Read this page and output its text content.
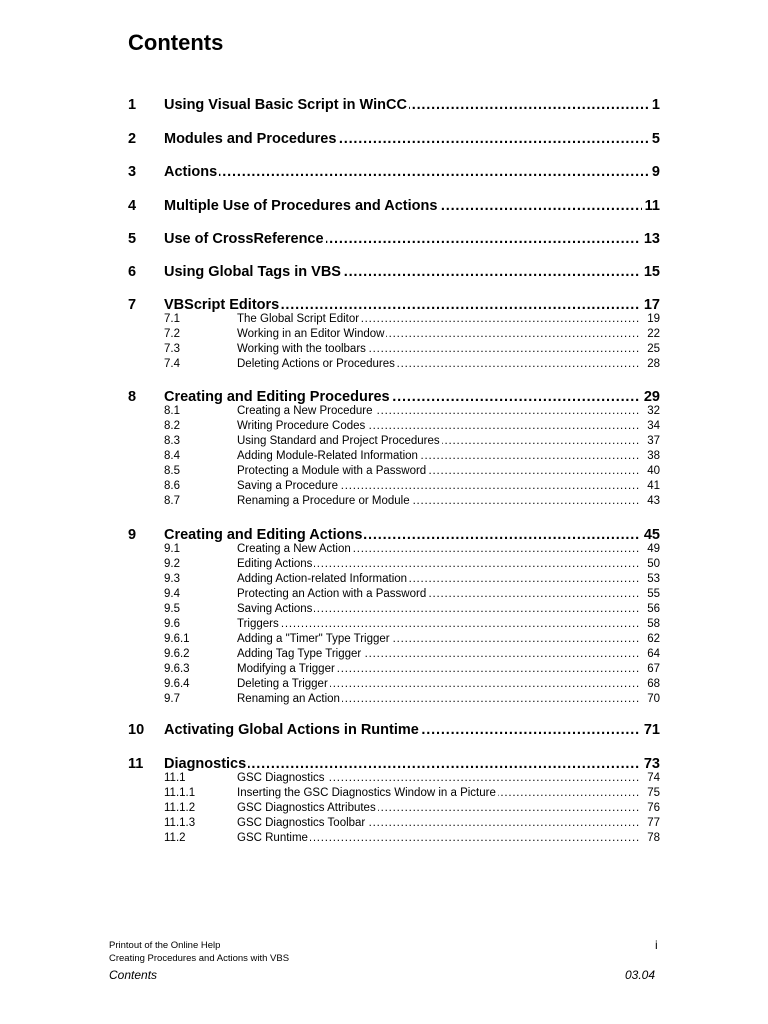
Contents
. . .
1 Using Visual Basic Script in WinCC	1
. . .
2 Modules and Procedures	5
. . .
3 Actions	9
. . .
4 Multiple Use of Procedures and Actions	11
. . .
5 Use of CrossReference	13
. . .
6 Using Global Tags in VBS	15
. . .
7 VBScript Editors	17
. . .
7.1	The Global Script Editor	19
. . .
7.2	Working in an Editor Window	22
. . .
7.3	Working with the toolbars	25
. . .
7.4	Deleting Actions or Procedures	28
. . .
8 Creating and Editing Procedures	29
. . .
8.1	Creating a New Procedure	32
. . .
8.2	Writing Procedure Codes	34
. . .
8.3	Using Standard and Project Procedures	37
. . .
8.4	Adding Module-Related Information	38
. . .
8.5	Protecting a Module with a Password	40
. . .
8.6	Saving a Procedure	41
. . .
8.7	Renaming a Procedure or Module	43
. . .
9 Creating and Editing Actions	45
. . .
9.1	Creating a New Action	49
. . .
9.2	Editing Actions	50
. . .
9.3	Adding Action-related Information	53
. . .
9.4	Protecting an Action with a Password	55
. . .
9.5	Saving Actions	56
. . .
9.6	Triggers	58
. . .
9.6.1	Adding a "Timer" Type Trigger	62
. . .
9.6.2	Adding Tag Type Trigger	64
. . .
9.6.3	Modifying a Trigger	67
. . .
9.6.4	Deleting a Trigger	68
. . .
9.7	Renaming an Action	70
. . .
10 Activating Global Actions in Runtime	71
. . .
11 Diagnostics	73
. . .
11.1	GSC Diagnostics	74
. . .
11.1.1	Inserting the GSC Diagnostics Window in a Picture	75
. . .
11.1.2	GSC Diagnostics Attributes	76
. . .
11.1.3	GSC Diagnostics Toolbar	77
. . .
11.2	GSC Runtime	78
Printout of the Online Help
Creating Procedures and Actions with VBS
i
Contents	03.04
